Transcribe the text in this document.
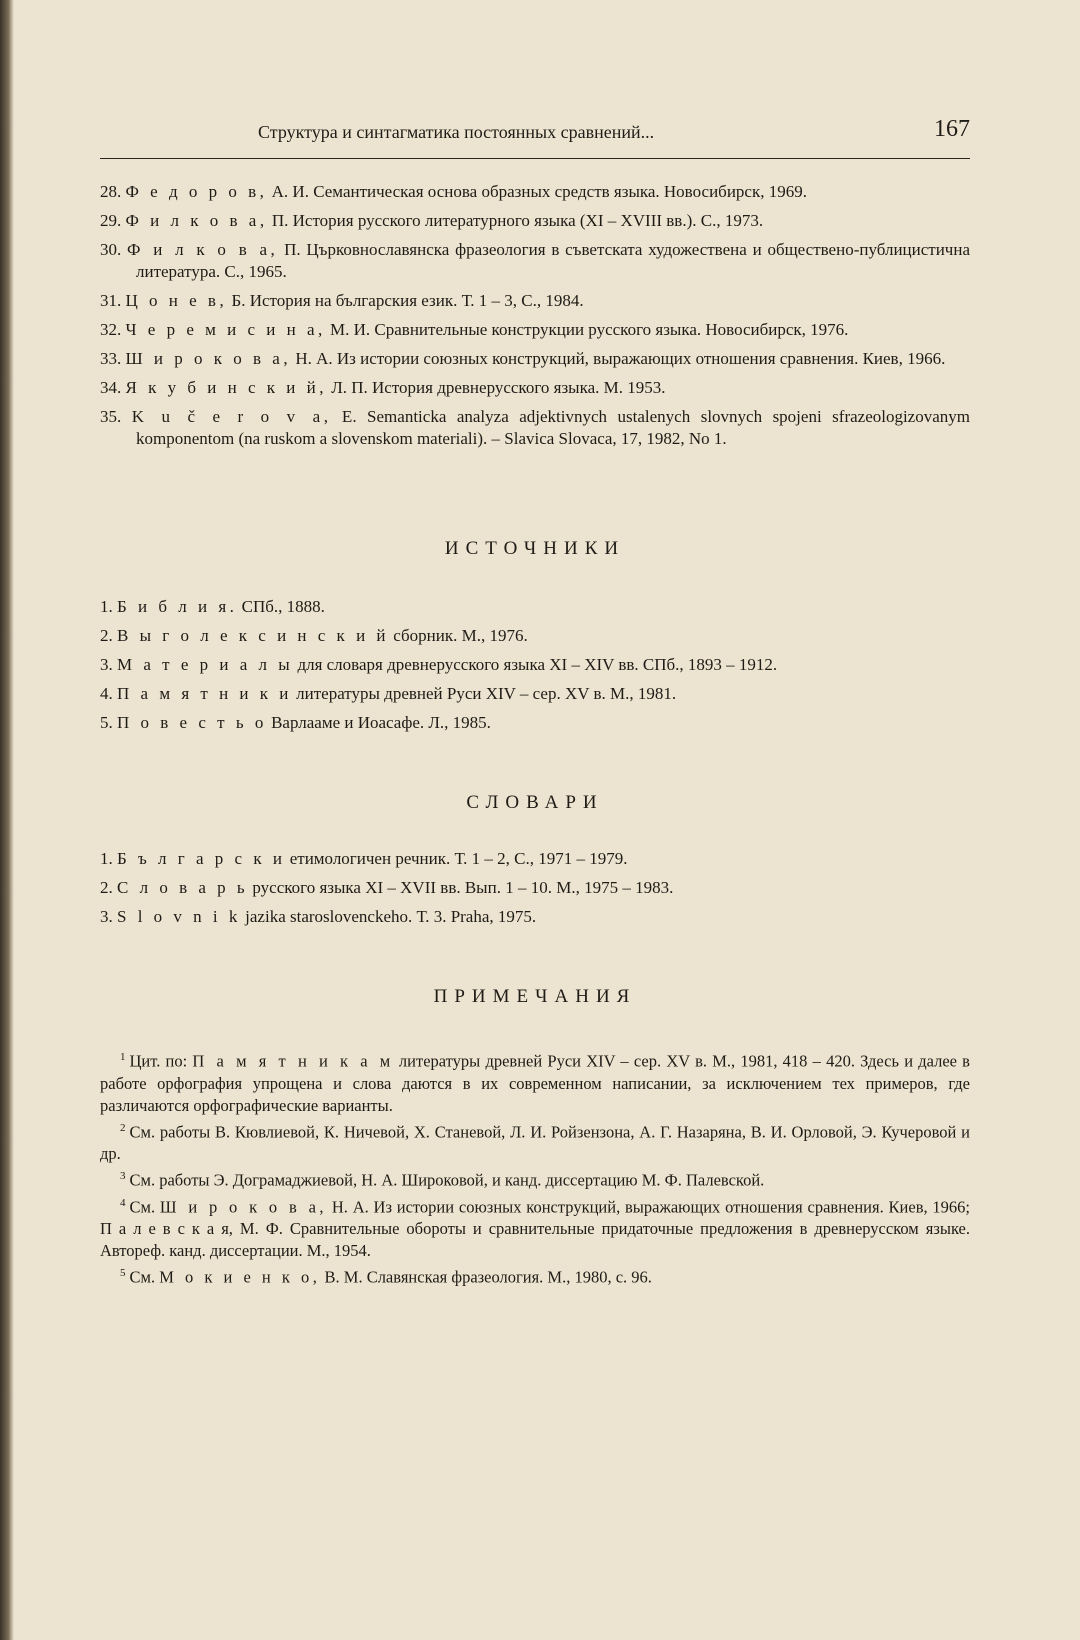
Структура и синтагматика постоянных сравнений...	167
28. Ф е д о р о в, А. И. Семантическая основа образных средств языка. Новосибирск, 1969.
29. Ф и л к о в а, П. История русского литературного языка (XI – XVIII вв.). С., 1973.
30. Ф и л к о в а, П. Църковнославянска фразеология в съветската художествена и обществено-публицистична литература. С., 1965.
31. Ц о н е в, Б. История на българския език. Т. 1 – 3, С., 1984.
32. Ч е р е м и с и н а, М. И. Сравнительные конструкции русского языка. Новосибирск, 1976.
33. Ш и р о к о в а, Н. А. Из истории союзных конструкций, выражающих отношения сравнения. Киев, 1966.
34. Я к у б и н с к и й, Л. П. История древнерусского языка. М. 1953.
35. K u č e r o v a, E. Semanticka analyza adjektivnych ustalenych slovnych spojeni sfrazeologizovanym komponentom (na ruskom a slovenskom materiali). – Slavica Slovaca, 17, 1982, No 1.
ИСТОЧНИКИ
1. Б и б л и я. СПб., 1888.
2. В ы г о л е к с и н с к и й сборник. М., 1976.
3. М а т е р и а л ы для словаря древнерусского языка XI – XIV вв. СПб., 1893 – 1912.
4. П а м я т н и к и литературы древней Руси XIV – сер. XV в. М., 1981.
5. П о в е с т ь о Варлааме и Иоасафе. Л., 1985.
СЛОВАРИ
1. Б ъ л г а р с к и етимологичен речник. Т. 1 – 2, С., 1971 – 1979.
2. С л о в а р ь русского языка XI – XVII вв. Вып. 1 – 10. М., 1975 – 1983.
3. S l o v n i k jazika staroslovenckeho. Т. 3. Praha, 1975.
ПРИМЕЧАНИЯ
$^1$ Цит. по: П а м я т н и к а м литературы древней Руси XIV – сер. XV в. М., 1981, 418 – 420. Здесь и далее в работе орфография упрощена и слова даются в их современном написании, за исключением тех примеров, где различаются орфографические варианты.
$^2$ См. работы В. Кювлиевой, К. Ничевой, Х. Станевой, Л. И. Ройзензона, А. Г. Назаряна, В. И. Орловой, Э. Кучеровой и др.
$^3$ См. работы Э. Дограмаджиевой, Н. А. Широковой, и канд. диссертацию М. Ф. Палевской.
$^4$ См. Ш и р о к о в а, Н. А. Из истории союзных конструкций, выражающих отношения сравнения. Киев, 1966; П а л е в с к а я, М. Ф. Сравнительные обороты и сравнительные придаточные предложения в древнерусском языке. Автореф. канд. диссертации. М., 1954.
$^5$ См. М о к и е н к о, В. М. Славянская фразеология. М., 1980, с. 96.
